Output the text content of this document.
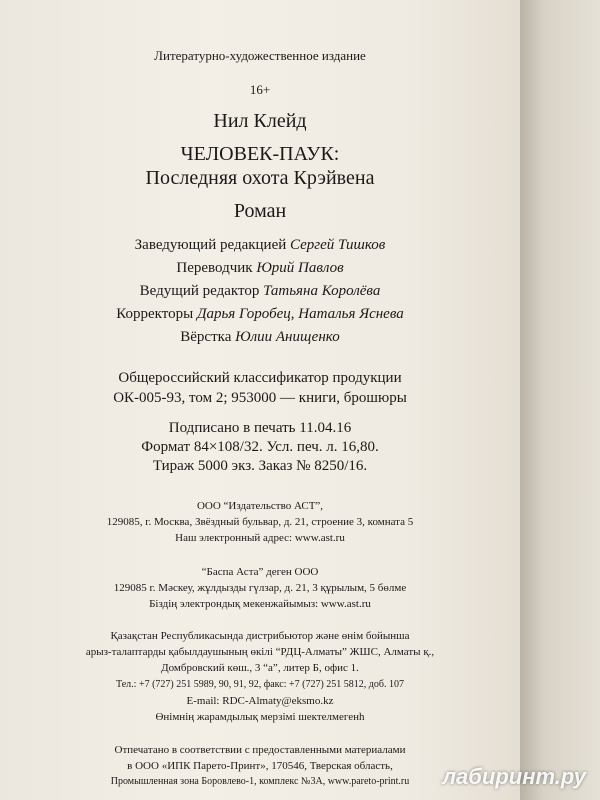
Литературно-художественное издание
16+
Нил Клейд
ЧЕЛОВЕК-ПАУК:
Последняя охота Крэйвена
Роман
Заведующий редакцией Сергей Тишков
Переводчик Юрий Павлов
Ведущий редактор Татьяна Королёва
Корректоры Дарья Горобец, Наталья Яснева
Вёрстка Юлии Анищенко
Общероссийский классификатор продукции
ОК-005-93, том 2; 953000 — книги, брошюры
Подписано в печать 11.04.16
Формат 84×108/32. Усл. печ. л. 16,80.
Тираж 5000 экз. Заказ № 8250/16.
ООО “Издательство АСТ”,
129085, г. Москва, Звёздный бульвар, д. 21, строение 3, комната 5
Наш электронный адрес: www.ast.ru
“Баспа Аста” деген ООО
129085 г. Мәскеу, жұлдызды гүлзар, д. 21, 3 құрылым, 5 бөлме
Біздің электрондық мекенжайымыз: www.ast.ru
Қазақстан Республикасында дистрибьютор және өнім бойынша
арыз-талаптарды қабылдаушының өкілі “РДЦ-Алматы” ЖШС, Алматы қ.,
Домбровский көш., 3 “а”, литер Б, офис 1.
Тел.: +7 (727) 251 5989, 90, 91, 92, факс: +7 (727) 251 5812, доб. 107
E-mail: RDC-Almaty@eksmo.kz
Өнімнің жарамдылық мерзімі шектелмегенһ
Отпечатано в соответствии с предоставленными материалами
в ООО «ИПК Парето-Принт», 170546, Тверская область,
Промышленная зона Боровлево-1, комплекс №3А, www.pareto-print.ru	лабиринт.ру
